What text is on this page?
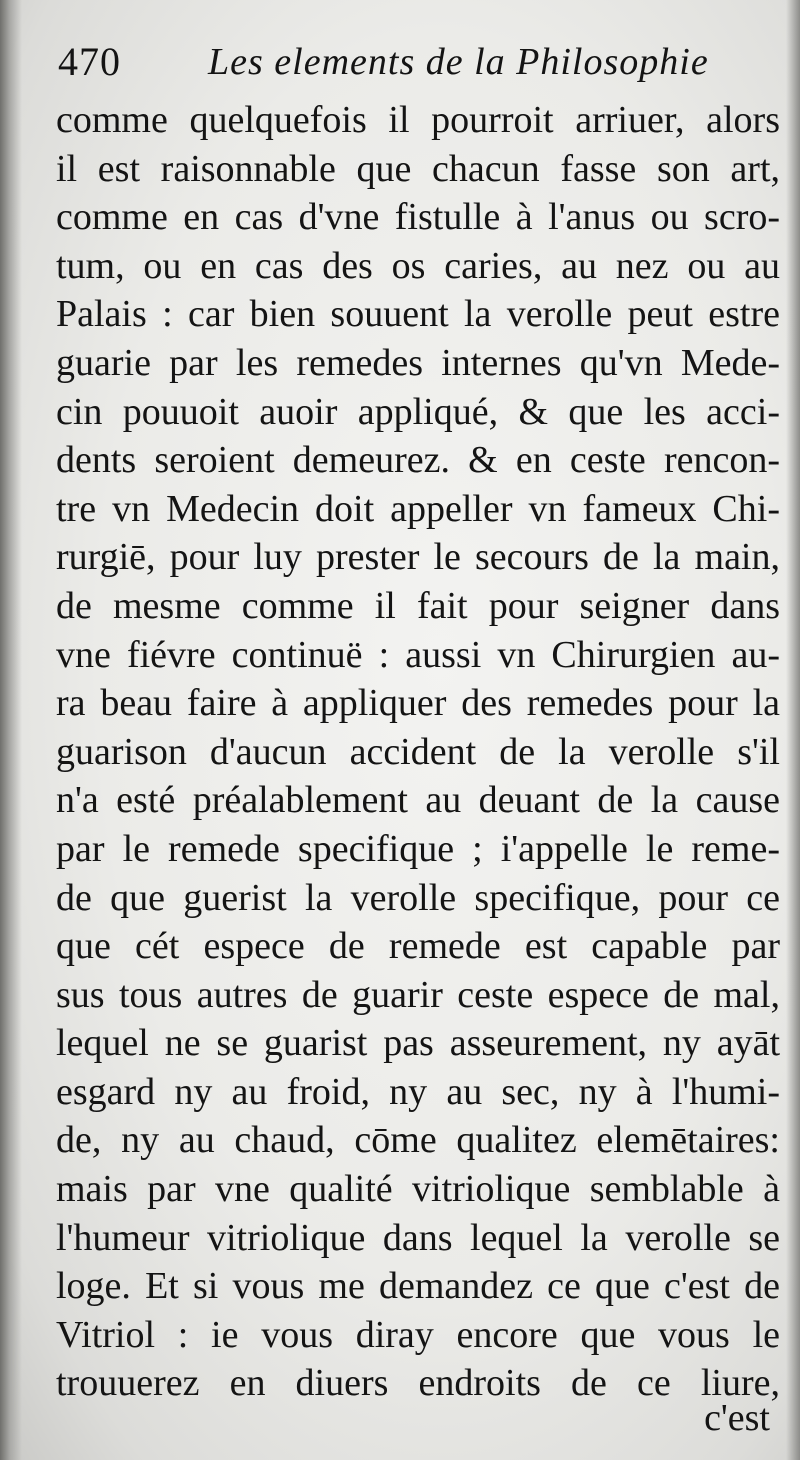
470 Les elements de la Philosophie
comme quelquefois il pourroit arriuer, alors
il est raisonnable que chacun fasse son art,
comme en cas d'vne fistulle à l'anus ou scro-
tum, ou en cas des os caries, au nez ou au
Palais : car bien souuent la verolle peut estre
guarie par les remedes internes qu'vn Mede-
cin pouuoit auoir appliqué, & que les acci-
dents seroient demeurez. & en ceste rencon-
tre vn Medecin doit appeller vn fameux Chi-
rurgiē, pour luy prester le secours de la main,
de mesme comme il fait pour seigner dans
vne fiévre continuë : aussi vn Chirurgien au-
ra beau faire à appliquer des remedes pour la
guarison d'aucun accident de la verolle s'il
n'a esté préalablement au deuant de la cause
par le remede specifique ; i'appelle le reme-
de que guerist la verolle specifique, pour ce
que cét espece de remede est capable par
sus tous autres de guarir ceste espece de mal,
lequel ne se guarist pas asseurement, ny ayāt
esgard ny au froid, ny au sec, ny à l'humi-
de, ny au chaud, cōme qualitez elemētaires:
mais par vne qualité vitriolique semblable à
l'humeur vitriolique dans lequel la verolle se
loge. Et si vous me demandez ce que c'est de
Vitriol : ie vous diray encore que vous le
trouuerez en diuers endroits de ce liure,
c'est
